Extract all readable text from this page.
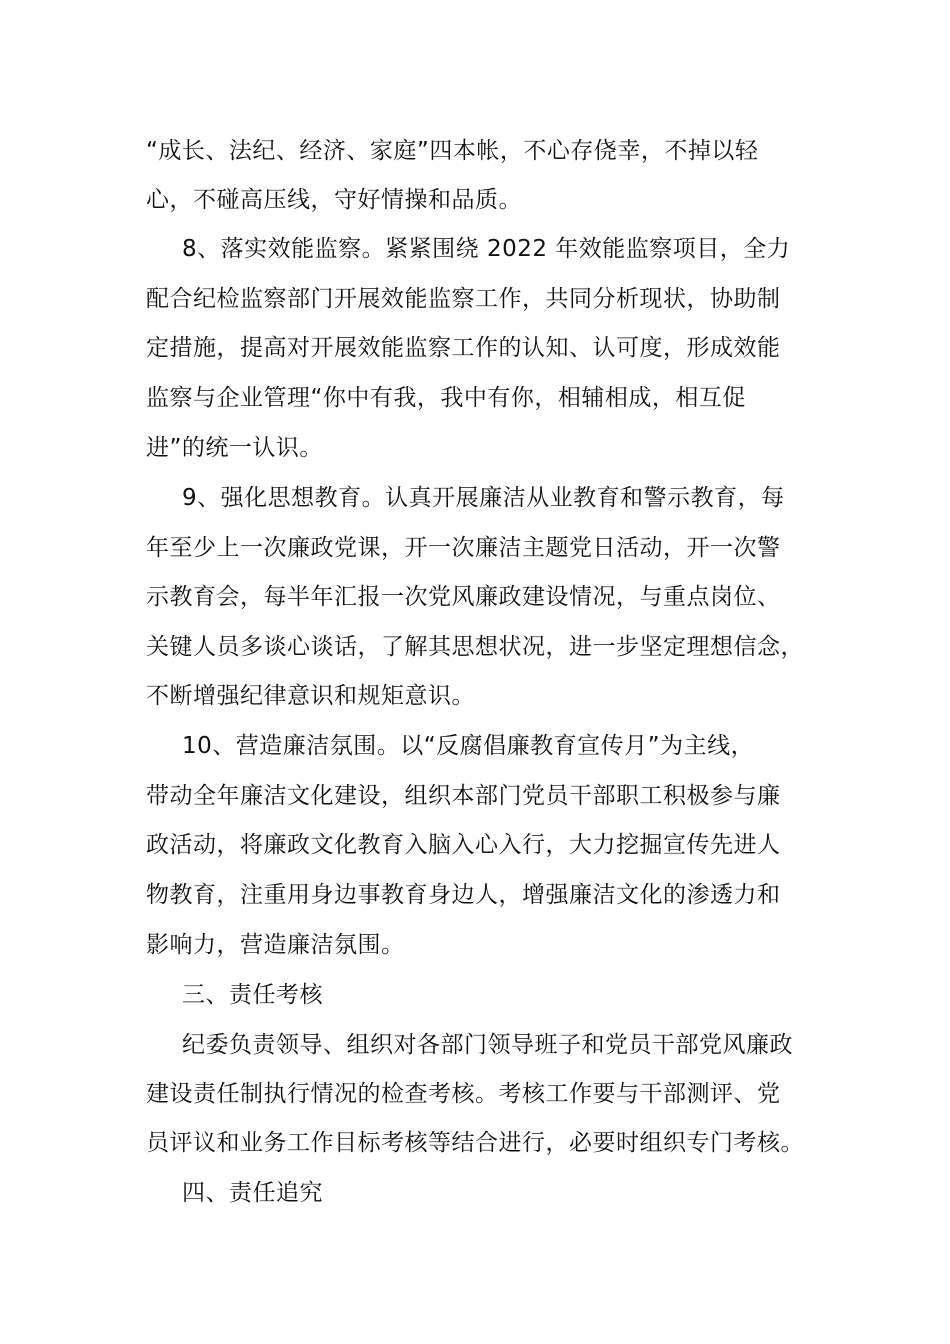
“成长、法纪、经济、家庭”四本帐，不心存侥幸，不掉以轻
心，不碰高压线，守好情操和品质。
8、落实效能监察。紧紧围绕 2022 年效能监察项目，全力
配合纪检监察部门开展效能监察工作，共同分析现状，协助制
定措施，提高对开展效能监察工作的认知、认可度，形成效能
监察与企业管理“你中有我，我中有你，相辅相成，相互促
进”的统一认识。
9、强化思想教育。认真开展廉洁从业教育和警示教育，每
年至少上一次廉政党课，开一次廉洁主题党日活动，开一次警
示教育会，每半年汇报一次党风廉政建设情况，与重点岗位、
关键人员多谈心谈话，了解其思想状况，进一步坚定理想信念，
不断增强纪律意识和规矩意识。
10、营造廉洁氛围。以“反腐倡廉教育宣传月”为主线，
带动全年廉洁文化建设，组织本部门党员干部职工积极参与廉
政活动，将廉政文化教育入脑入心入行，大力挖掘宣传先进人
物教育，注重用身边事教育身边人，增强廉洁文化的渗透力和
影响力，营造廉洁氛围。
三、责任考核
纪委负责领导、组织对各部门领导班子和党员干部党风廉政
建设责任制执行情况的检查考核。考核工作要与干部测评、党
员评议和业务工作目标考核等结合进行，必要时组织专门考核。
四、责任追究
